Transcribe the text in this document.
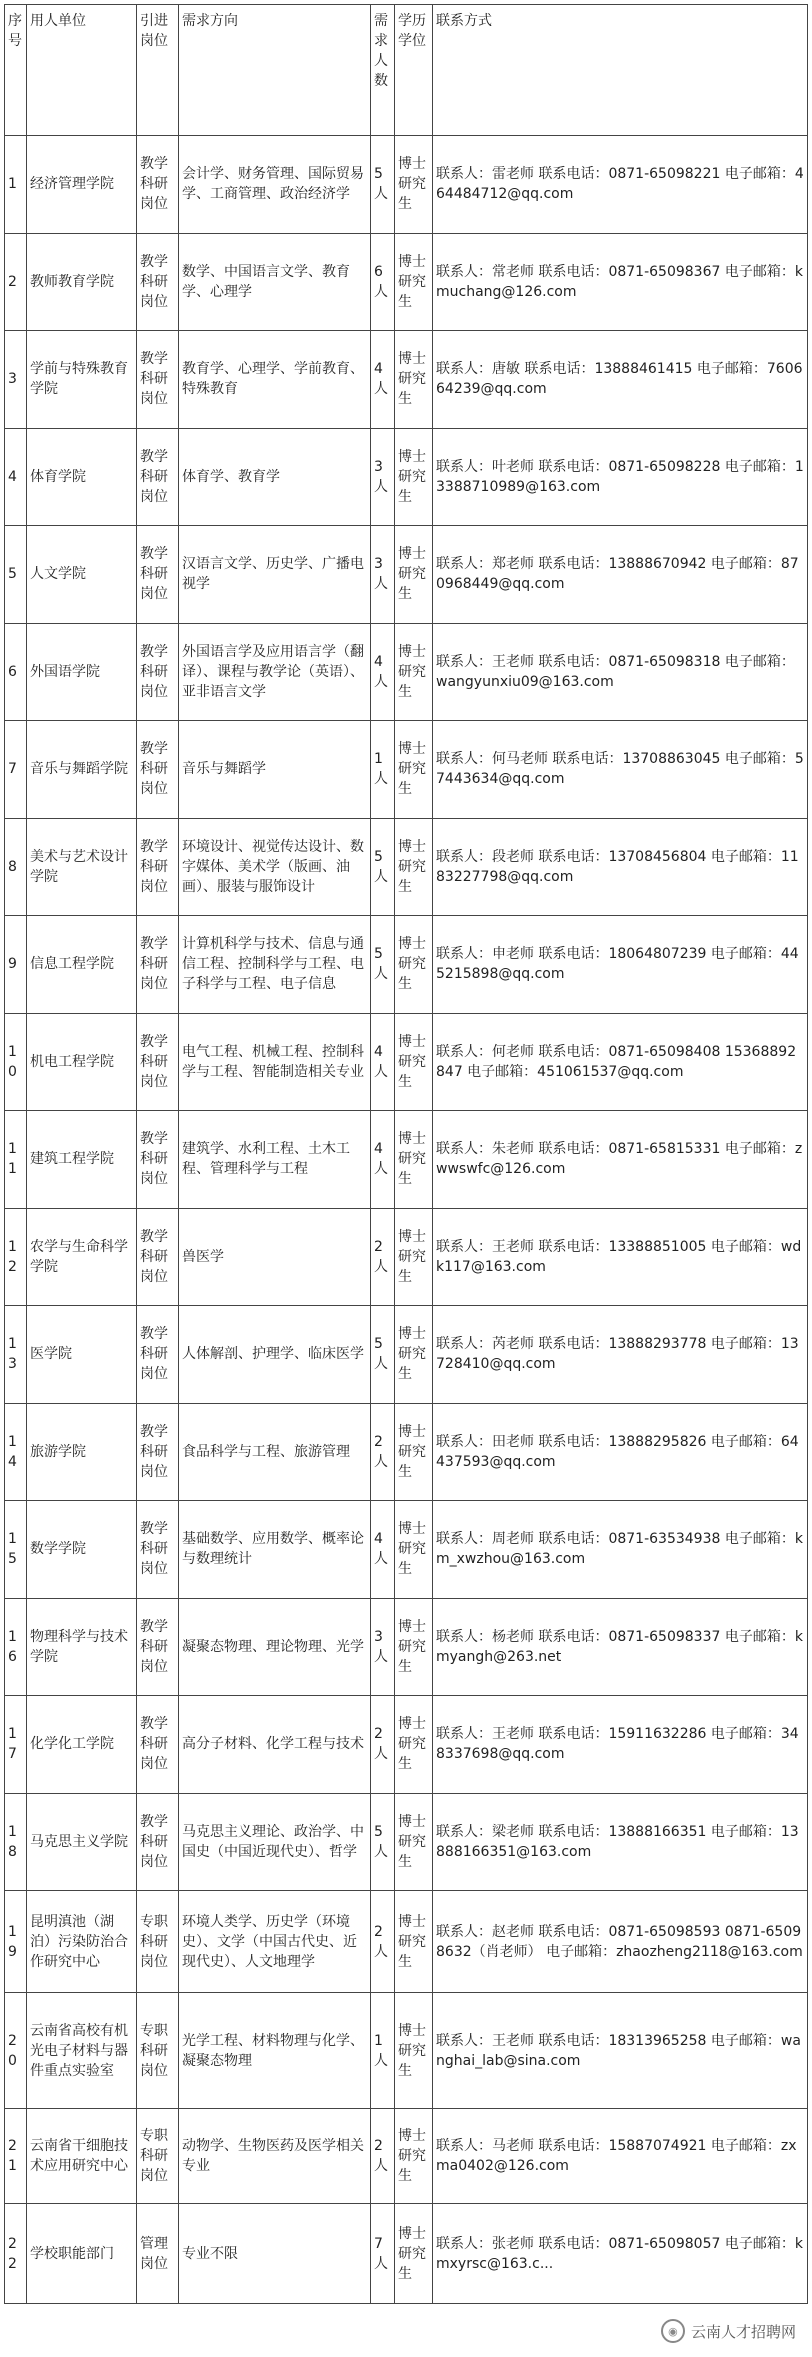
序号	用人单位	引进岗位	需求方向	需求人数	学历学位	联系方式
1	经济管理学院	教学科研岗位	会计学、财务管理、国际贸易学、工商管理、政治经济学	5人	博士研究生	联系人：雷老师 联系电话：0871-65098221 电子邮箱：464484712@qq.com
2	教师教育学院	教学科研岗位	数学、中国语言文学、教育学、心理学	6人	博士研究生	联系人：常老师 联系电话：0871-65098367 电子邮箱：kmuchang@126.com
3	学前与特殊教育学院	教学科研岗位	教育学、心理学、学前教育、特殊教育	4人	博士研究生	联系人：唐敏 联系电话：13888461415 电子邮箱：760664239@qq.com
4	体育学院	教学科研岗位	体育学、教育学	3人	博士研究生	联系人：叶老师 联系电话：0871-65098228 电子邮箱：13388710989@163.com
5	人文学院	教学科研岗位	汉语言文学、历史学、广播电视学	3人	博士研究生	联系人：郑老师 联系电话：13888670942 电子邮箱：870968449@qq.com
6	外国语学院	教学科研岗位	外国语言学及应用语言学（翻译）、课程与教学论（英语）、亚非语言文学	4人	博士研究生	联系人：王老师 联系电话：0871-65098318 电子邮箱：wangyunxiu09@163.com
7	音乐与舞蹈学院	教学科研岗位	音乐与舞蹈学	1人	博士研究生	联系人：何马老师 联系电话：13708863045 电子邮箱：57443634@qq.com
8	美术与艺术设计学院	教学科研岗位	环境设计、视觉传达设计、数字媒体、美术学（版画、油画）、服装与服饰设计	5人	博士研究生	联系人：段老师 联系电话：13708456804 电子邮箱：1183227798@qq.com
9	信息工程学院	教学科研岗位	计算机科学与技术、信息与通信工程、控制科学与工程、电子科学与工程、电子信息	5人	博士研究生	联系人：申老师 联系电话：18064807239 电子邮箱：445215898@qq.com
10	机电工程学院	教学科研岗位	电气工程、机械工程、控制科学与工程、智能制造相关专业	4人	博士研究生	联系人：何老师 联系电话：0871-65098408 15368892847 电子邮箱：451061537@qq.com
11	建筑工程学院	教学科研岗位	建筑学、水利工程、土木工程、管理科学与工程	4人	博士研究生	联系人：朱老师 联系电话：0871-65815331 电子邮箱：zwwswfc@126.com
12	农学与生命科学学院	教学科研岗位	兽医学	2人	博士研究生	联系人：王老师 联系电话：13388851005 电子邮箱：wdk117@163.com
13	医学院	教学科研岗位	人体解剖、护理学、临床医学	5人	博士研究生	联系人：芮老师 联系电话：13888293778 电子邮箱：13728410@qq.com
14	旅游学院	教学科研岗位	食品科学与工程、旅游管理	2人	博士研究生	联系人：田老师 联系电话：13888295826 电子邮箱：64437593@qq.com
15	数学学院	教学科研岗位	基础数学、应用数学、概率论与数理统计	4人	博士研究生	联系人：周老师 联系电话：0871-63534938 电子邮箱：km_xwzhou@163.com
16	物理科学与技术学院	教学科研岗位	凝聚态物理、理论物理、光学	3人	博士研究生	联系人：杨老师 联系电话：0871-65098337 电子邮箱：kmyangh@263.net
17	化学化工学院	教学科研岗位	高分子材料、化学工程与技术	2人	博士研究生	联系人：王老师 联系电话：15911632286 电子邮箱：348337698@qq.com
18	马克思主义学院	教学科研岗位	马克思主义理论、政治学、中国史（中国近现代史）、哲学	5人	博士研究生	联系人：梁老师 联系电话：13888166351 电子邮箱：13888166351@163.com
19	昆明滇池（湖泊）污染防治合作研究中心	专职科研岗位	环境人类学、历史学（环境史）、文学（中国古代史、近现代史）、人文地理学	2人	博士研究生	联系人：赵老师 联系电话：0871-65098593 0871-65098632（肖老师） 电子邮箱：zhaozheng2118@163.com
20	云南省高校有机光电子材料与器件重点实验室	专职科研岗位	光学工程、材料物理与化学、凝聚态物理	1人	博士研究生	联系人：王老师 联系电话：18313965258 电子邮箱：wanghai_lab@sina.com
21	云南省干细胞技术应用研究中心	专职科研岗位	动物学、生物医药及医学相关专业	2人	博士研究生	联系人：马老师 联系电话：15887074921 电子邮箱：zxma0402@126.com
22	学校职能部门	管理岗位	专业不限	7人	博士研究生	联系人：张老师 联系电话：0871-65098057 电子邮箱：kmxyrsc@163.c...
◉ 云南人才招聘网
